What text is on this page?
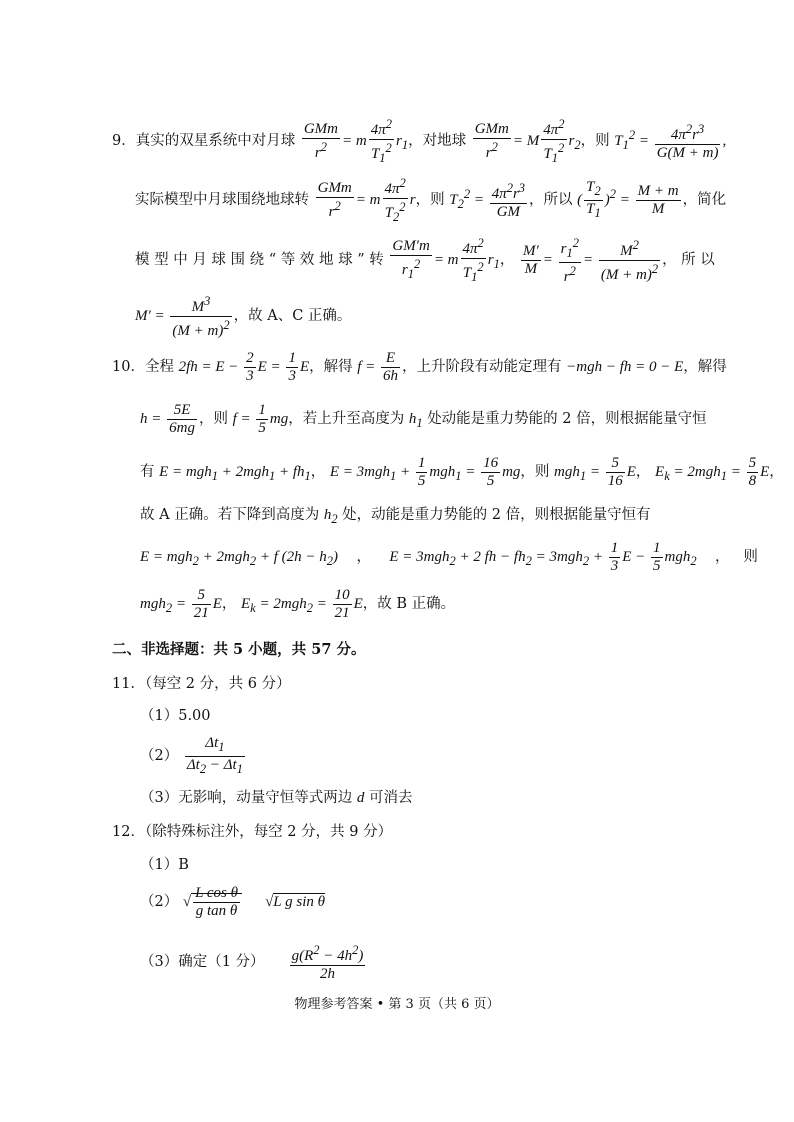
9．真实的双星系统中对月球 $\frac{\text{GMm}}{r^2} = m \frac{4\pi^2}{T_1^2} r_1$，对地球 $\frac{\text{GMm}}{r^2} = M \frac{4\pi^2}{T_1^2} r_2$，则 $T_1^2 = \frac{4\pi^2r^3}{G(M + m)}$ ,
实际模型中月球围绕地球转 $\frac{\text{GMm}}{r^2} = m \frac{4\pi^2}{T_2^2}$ r，则 $T_2^2 = \frac{4\pi^2r^3}{GM}$ ，所以 ( $\frac{T_2}{T_1} )^2 = \frac{M + m}{M}$ ，简化
模 型 中 月 球 围 绕 “ 等 效 地 球 ” 转 $\frac{GM'm}{r_1^2} = m \frac{4\pi^2}{T_1^2} r_1$， $\frac{M'}{M} = \frac{r_1^2}{r^2} = \frac{M^2}{(M + m)^2}$ ， 所 以
$M' = \frac{M^3}{(M + m)^2}$ ，故 A、C 正确。
10．全程 $2fh = E - \frac{2}{3}$ $E = \frac{1}{3}$ E，解得 $f = \frac{E}{6h}$ ，上升阶段有动能定理有 −mgh − fh = 0 − E，解得
$h = \frac{5E}{6mg}$ ，则 $f = \frac{1}{5}$ mg，若上升至高度为 $h_1$ 处动能是重力势能的 2 倍，则根据能量守恒
有 $E = mgh_1 + 2mgh_1 + fh_1$， $E = 3mgh_1 + \frac{1}{5} mgh_1 = \frac{16}{5}$ mg，则 $mgh_1 = \frac{5}{16}$ E， $E_k = 2mgh_1 = \frac{5}{8}$ E，
故 A 正确。若下降到高度为 $h_2$ 处，动能是重力势能的 2 倍，则根据能量守恒有
E = mgh$_2$ + 2mgh$_2$ + f $(2h - h_2)$    ，    E = 3mgh$_2$ + 2 fh − $fh_2 = 3mgh_2 + \frac{1}{3}$ $E - \frac{1}{5} mgh_2$    ，   则
$mgh_2 = \frac{5}{21}$ E， $E_k = 2mgh_2 = \frac{10}{21}$ E，故 B 正确。
二、非选择题：共 5 小题，共 57 分。
11．（每空 2 分，共 6 分）
（1）5.00
$(2) \frac{\Delta t_1}{\Delta t_2 - \Delta t_1}$
（3）无影响，动量守恒等式两边 d 可消去
12．（除特殊标注外，每空 2 分，共 9 分）
（1）B
（2） √ $\frac{\text{L cos θ}}{\text{g tan θ}} √L$ g sin θ
（3）确定（1 分） $\frac{g(R^2 - 4h^2)}{2h}$
物理参考答案 • 第 3 页（共 6 页）
